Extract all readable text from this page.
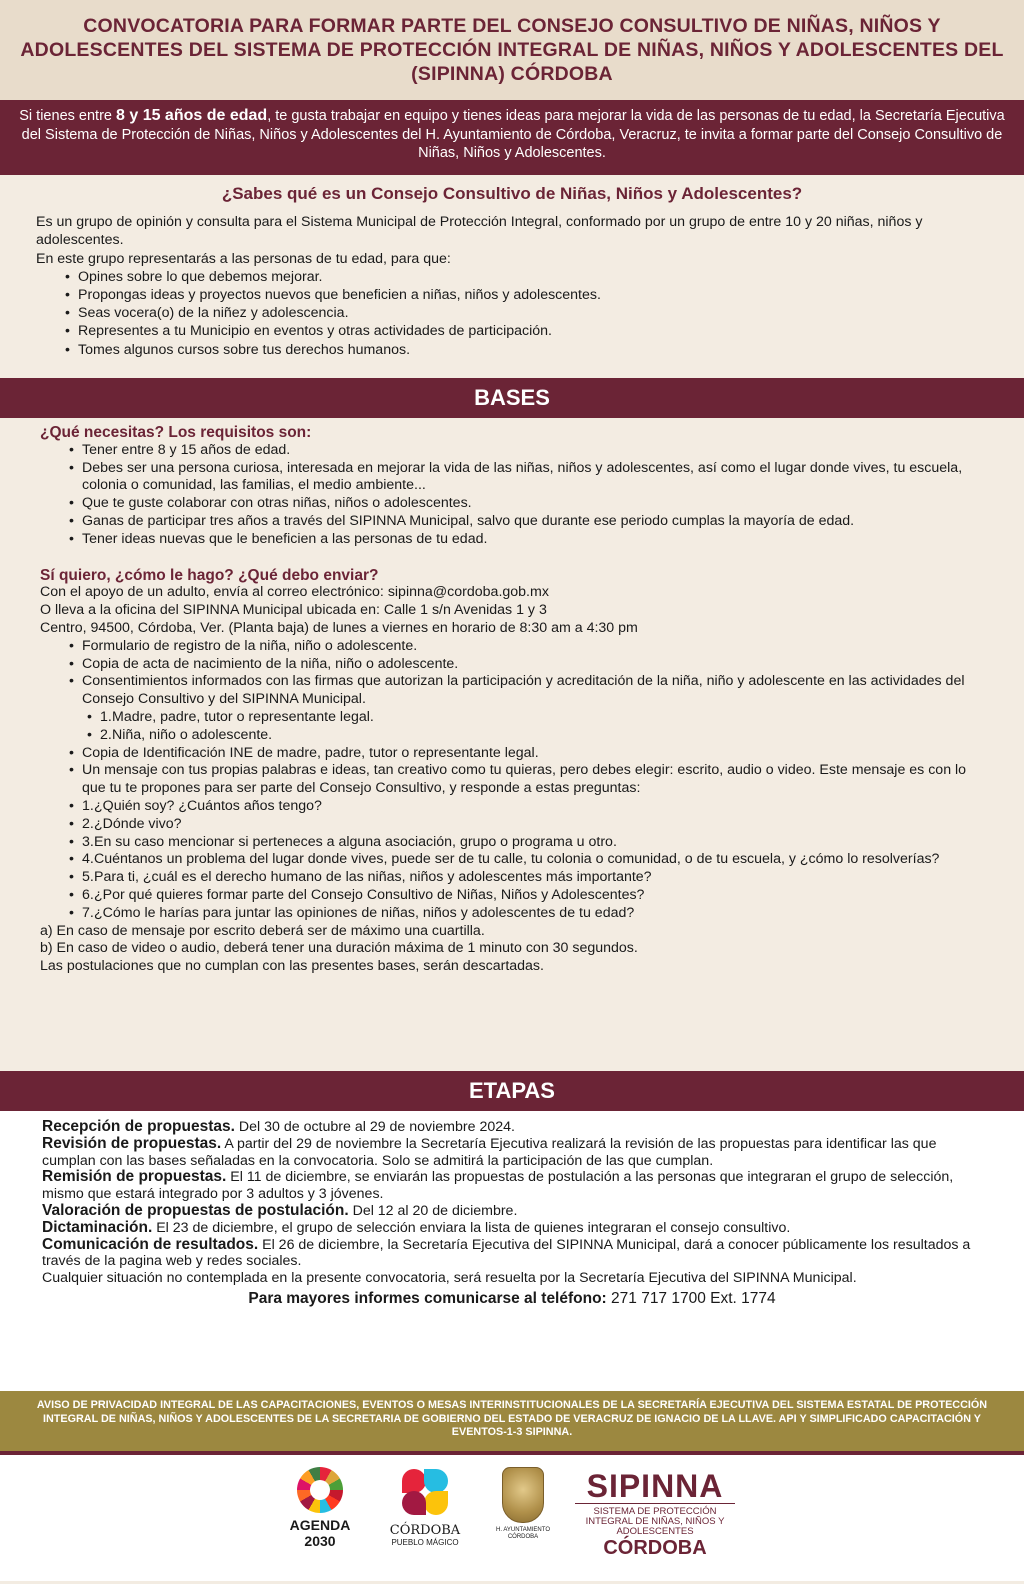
CONVOCATORIA PARA FORMAR PARTE DEL CONSEJO CONSULTIVO DE NIÑAS, NIÑOS Y ADOLESCENTES DEL SISTEMA DE PROTECCIÓN INTEGRAL DE NIÑAS, NIÑOS Y ADOLESCENTES DEL (SIPINNA) CÓRDOBA
Si tienes entre 8 y 15 años de edad, te gusta trabajar en equipo y tienes ideas para mejorar la vida de las personas de tu edad, la Secretaría Ejecutiva del Sistema de Protección de Niñas, Niños y Adolescentes del H. Ayuntamiento de Córdoba, Veracruz, te invita a formar parte del Consejo Consultivo de Niñas, Niños y Adolescentes.
¿Sabes qué es un Consejo Consultivo de Niñas, Niños y Adolescentes?
Es un grupo de opinión y consulta para el Sistema Municipal de Protección Integral, conformado por un grupo de entre 10 y 20 niñas, niños y adolescentes.
En este grupo representarás a las personas de tu edad, para que:
• Opines sobre lo que debemos mejorar.
• Propongas ideas y proyectos nuevos que beneficien a niñas, niños y adolescentes.
• Seas vocera(o) de la niñez y adolescencia.
• Representes a tu Municipio en eventos y otras actividades de participación.
• Tomes algunos cursos sobre tus derechos humanos.
BASES
¿Qué necesitas? Los requisitos son:
• Tener entre 8 y 15 años de edad.
• Debes ser una persona curiosa, interesada en mejorar la vida de las niñas, niños y adolescentes, así como el lugar donde vives, tu escuela, colonia o comunidad, las familias, el medio ambiente...
• Que te guste colaborar con otras niñas, niños o adolescentes.
• Ganas de participar tres años a través del SIPINNA Municipal, salvo que durante ese periodo cumplas la mayoría de edad.
• Tener ideas nuevas que le beneficien a las personas de tu edad.
Sí quiero, ¿cómo le hago? ¿Qué debo enviar?
Con el apoyo de un adulto, envía al correo electrónico: sipinna@cordoba.gob.mx
O lleva a la oficina del SIPINNA Municipal ubicada en: Calle 1 s/n Avenidas 1 y 3
Centro, 94500, Córdoba, Ver. (Planta baja) de lunes a viernes en horario de 8:30 am a 4:30 pm
• Formulario de registro de la niña, niño o adolescente.
• Copia de acta de nacimiento de la niña, niño o adolescente.
• Consentimientos informados con las firmas que autorizan la participación y acreditación de la niña, niño y adolescente en las actividades del Consejo Consultivo y del SIPINNA Municipal.
• 1.Madre, padre, tutor o representante legal.
• 2.Niña, niño o adolescente.
• Copia de Identificación INE de madre, padre, tutor o representante legal.
• Un mensaje con tus propias palabras e ideas, tan creativo como tu quieras, pero debes elegir: escrito, audio o video. Este mensaje es con lo que tu te propones para ser parte del Consejo Consultivo, y responde a estas preguntas:
• 1.¿Quién soy? ¿Cuántos años tengo?
• 2.¿Dónde vivo?
• 3.En su caso mencionar si perteneces a alguna asociación, grupo o programa u otro.
• 4.Cuéntanos un problema del lugar donde vives, puede ser de tu calle, tu colonia o comunidad, o de tu escuela, y ¿cómo lo resolverías?
• 5.Para ti, ¿cuál es el derecho humano de las niñas, niños y adolescentes más importante?
• 6.¿Por qué quieres formar parte del Consejo Consultivo de Niñas, Niños y Adolescentes?
• 7.¿Cómo le harías para juntar las opiniones de niñas, niños y adolescentes de tu edad?
a) En caso de mensaje por escrito deberá ser de máximo una cuartilla.
b) En caso de video o audio, deberá tener una duración máxima de 1 minuto con 30 segundos.
Las postulaciones que no cumplan con las presentes bases, serán descartadas.
ETAPAS
Recepción de propuestas. Del 30 de octubre al 29 de noviembre 2024.
Revisión de propuestas. A partir del 29 de noviembre la Secretaría Ejecutiva realizará la revisión de las propuestas para identificar las que cumplan con las bases señaladas en la convocatoria. Solo se admitirá la participación de las que cumplan.
Remisión de propuestas. El 11 de diciembre, se enviarán las propuestas de postulación a las personas que integraran el grupo de selección, mismo que estará integrado por 3 adultos y 3 jóvenes.
Valoración de propuestas de postulación. Del 12 al 20 de diciembre.
Dictaminación. El 23 de diciembre, el grupo de selección enviara la lista de quienes integraran el consejo consultivo.
Comunicación de resultados. El 26 de diciembre, la Secretaría Ejecutiva del SIPINNA Municipal, dará a conocer públicamente los resultados a través de la pagina web y redes sociales.
Cualquier situación no contemplada en la presente convocatoria, será resuelta por la Secretaría Ejecutiva del SIPINNA Municipal.
Para mayores informes comunicarse al teléfono: 271 717 1700 Ext. 1774
AVISO DE PRIVACIDAD INTEGRAL DE LAS CAPACITACIONES, EVENTOS O MESAS INTERINSTITUCIONALES DE LA SECRETARÍA EJECUTIVA DEL SISTEMA ESTATAL DE PROTECCIÓN INTEGRAL DE NIÑAS, NIÑOS Y ADOLESCENTES DE LA SECRETARIA DE GOBIERNO DEL ESTADO DE VERACRUZ DE IGNACIO DE LA LLAVE. API Y SIMPLIFICADO CAPACITACIÓN Y EVENTOS-1-3 SIPINNA.
AGENDA
2030
CÓRDOBA
PUEBLO MÁGICO
H. AYUNTAMIENTO CÓRDOBA
SIPINNA
SISTEMA DE PROTECCIÓN INTEGRAL DE NIÑAS, NIÑOS Y ADOLESCENTES
CÓRDOBA
